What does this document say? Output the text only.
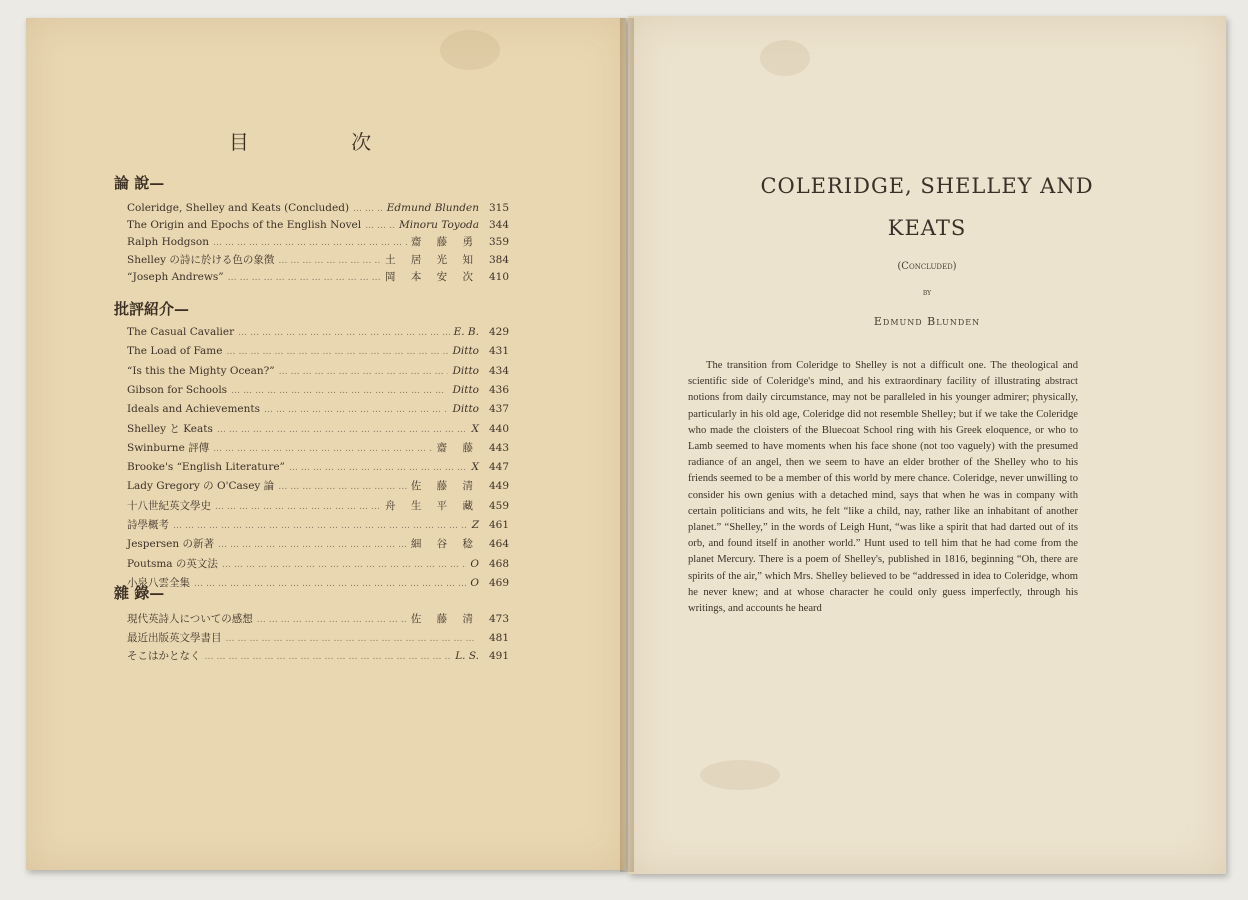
目 次
論 說—
Coleridge, Shelley and Keats (Concluded) …………………………………………………………………………	Edmund Blunden 315
The Origin and Epochs of the English Novel …………………………………………………………………………	Minoru Toyoda 344
Ralph Hodgson …………………………………………………………………………	齋 藤 勇 359
Shelley の詩に於ける色の象徴 …………………………………………………………………………	土 居 光 知 384
“Joseph Andrews” …………………………………………………………………………	岡 本 安 次 410
批評紹介—
The Casual Cavalier …………………………………………………………………………	E. B. 429
The Load of Fame …………………………………………………………………………	Ditto 431
“Is this the Mighty Ocean?” …………………………………………………………………………	Ditto 434
Gibson for Schools …………………………………………………………………………	Ditto 436
Ideals and Achievements …………………………………………………………………………	Ditto 437
Shelley と Keats …………………………………………………………………………	X 440
Swinburne 評傳 …………………………………………………………………………	齋 藤 443
Brooke's “English Literature” …………………………………………………………………………	X 447
Lady Gregory の O'Casey 論 …………………………………………………………………………	佐 藤 清 449
十八世紀英文學史 …………………………………………………………………………	舟 生 平 藏 459
詩學概考 …………………………………………………………………………	Z 461
Jespersen の新著 …………………………………………………………………………	細 谷 稔 464
Poutsma の英文法 …………………………………………………………………………	O 468
小泉八雲全集 …………………………………………………………………………	O 469
雜 錄—
現代英詩人についての感想 …………………………………………………………………………	佐 藤 清 473
最近出版英文學書目 …………………………………………………………………………	481
そこはかとなく …………………………………………………………………………	L. S. 491
COLERIDGE, SHELLEY AND
KEATS
(Concluded)
by
Edmund Blunden
The transition from Coleridge to Shelley is not a difficult one. The theological and scientific side of Coleridge's mind, and his extraordinary facility of illustrating abstract notions from daily circumstance, may not be paralleled in his younger admirer; physically, particularly in his old age, Coleridge did not resemble Shelley; but if we take the Coleridge who made the cloisters of the Bluecoat School ring with his Greek eloquence, or who to Lamb seemed to have moments when his face shone (not too vaguely) with the presumed radiance of an angel, then we seem to have an elder brother of the Shelley who to his friends seemed to be a member of this world by mere chance. Coleridge, never unwilling to consider his own genius with a detached mind, says that when he was in company with certain politicians and wits, he felt “like a child, nay, rather like an inhabitant of another planet.” “Shelley,” in the words of Leigh Hunt, “was like a spirit that had darted out of its orb, and found itself in another world.” Hunt used to tell him that he had come from the planet Mercury. There is a poem of Shelley's, published in 1816, beginning “Oh, there are spirits of the air,” which Mrs. Shelley believed to be “addressed in idea to Coleridge, whom he never knew; and at whose character he could only guess imperfectly, through his writings, and accounts he heard
